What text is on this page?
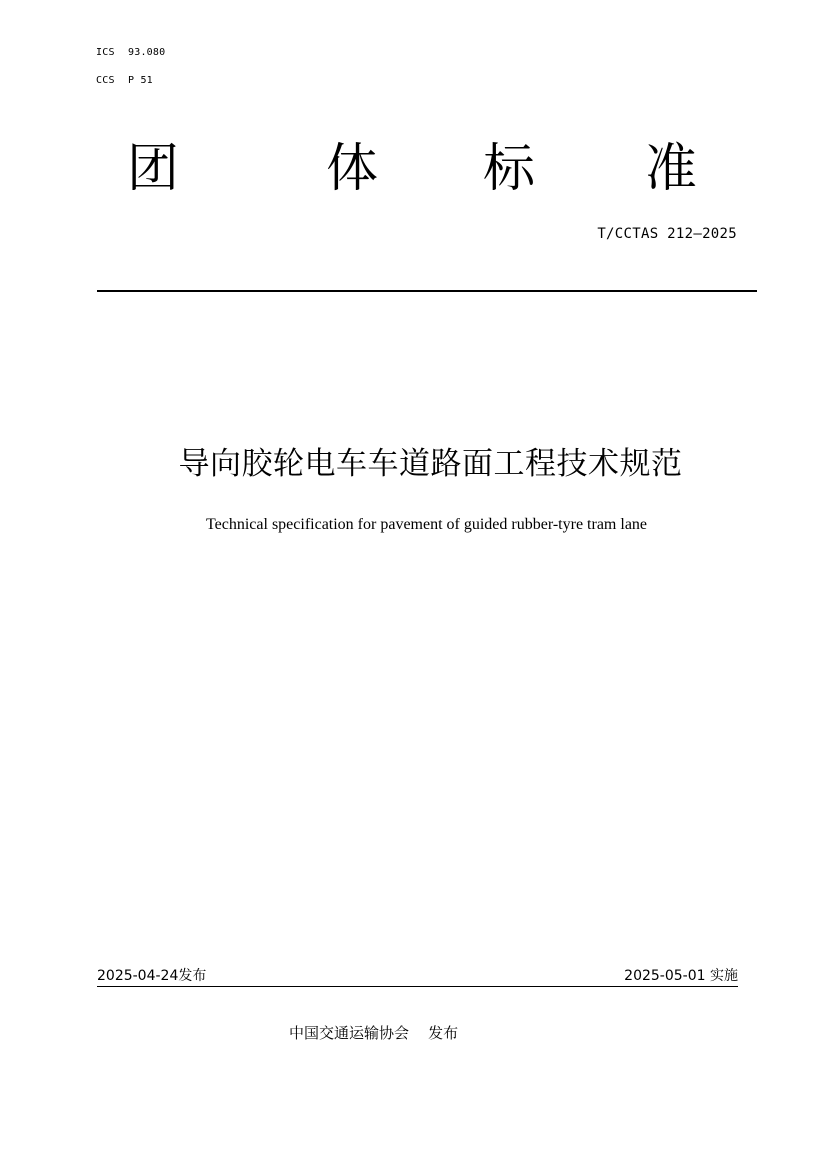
ICS 93.080
CCS P 51
团	体 标 准
T/CCTAS 212—2025
导向胶轮电车车道路面工程技术规范
Technical specification for pavement of guided rubber-tyre tram lane
2025-04-24发布	2025-05-01 实施
中国交通运输协会 发布
